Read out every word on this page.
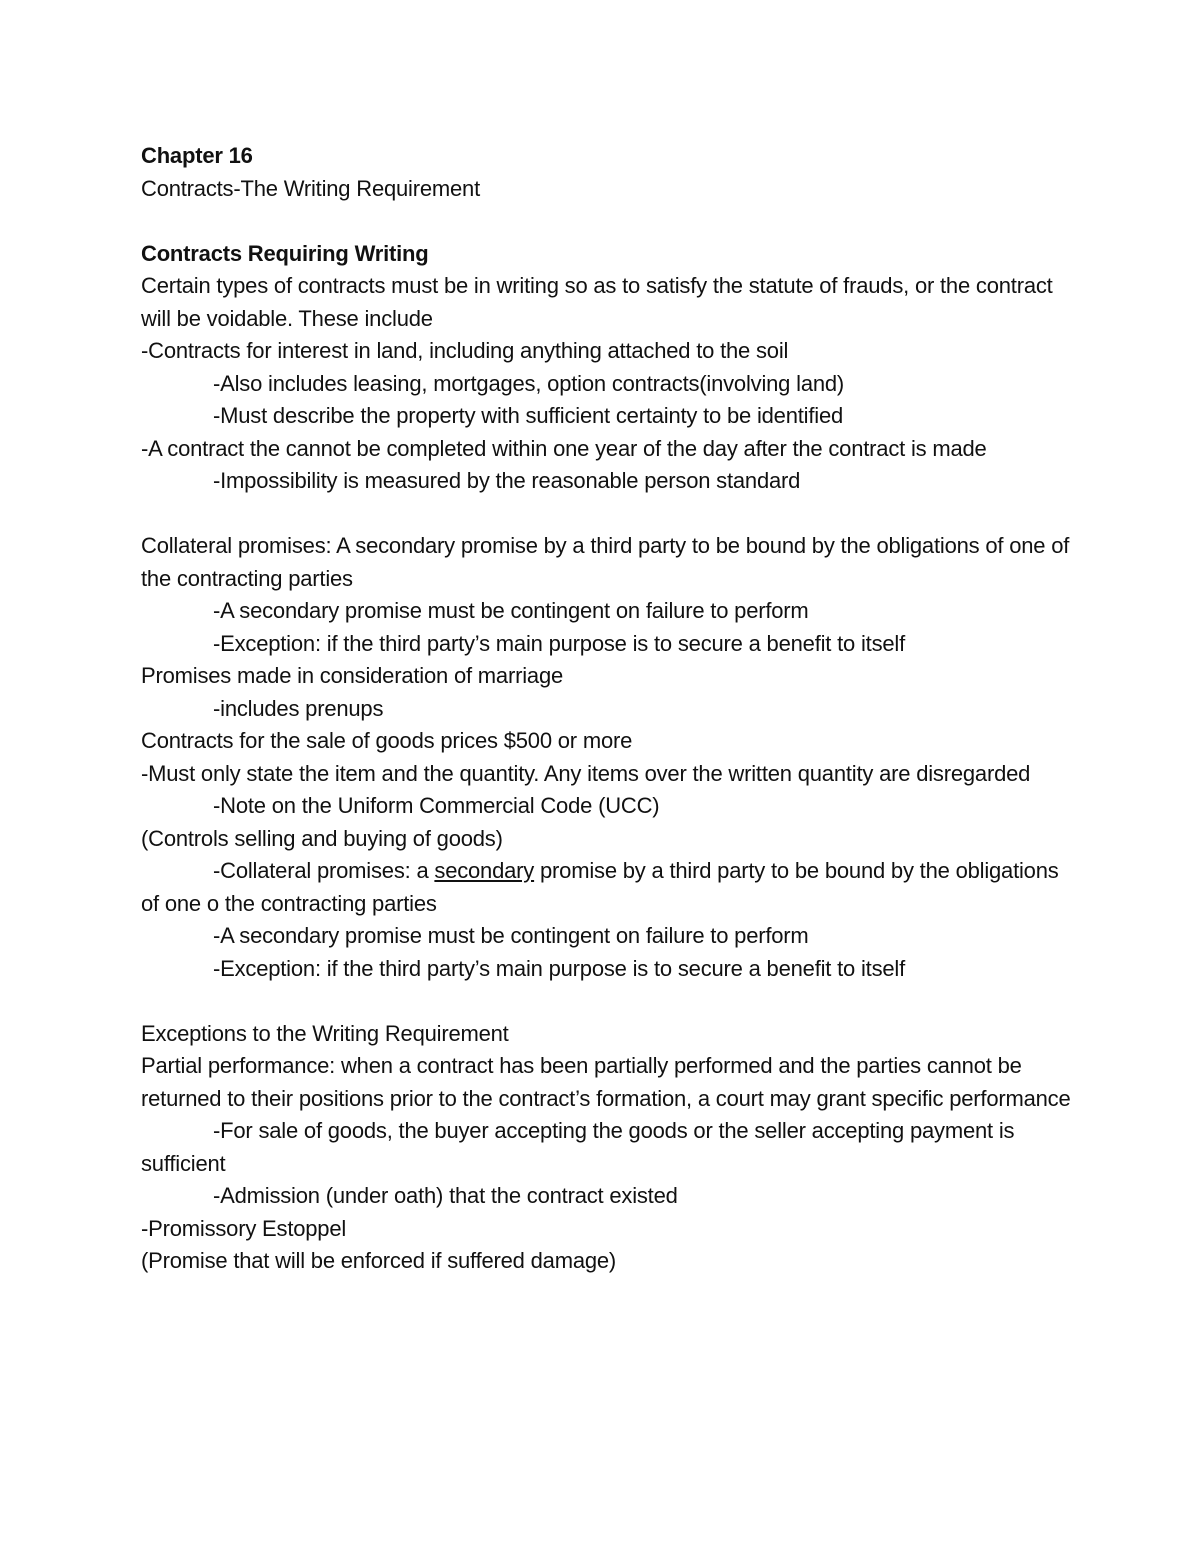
Chapter 16

Contracts-The Writing Requirement

Contracts Requiring Writing

Certain types of contracts must be in writing so as to satisfy the statute of frauds, or the contract will be voidable. These include

-Contracts for interest in land, including anything attached to the soil

-Also includes leasing, mortgages, option contracts(involving land)

-Must describe the property with sufficient certainty to be identified

-A contract the cannot be completed within one year of the day after the contract is made

-Impossibility is measured by the reasonable person standard

Collateral promises: A secondary promise by a third party to be bound by the obligations of one of the contracting parties

-A secondary promise must be contingent on failure to perform

-Exception: if the third party’s main purpose is to secure a benefit to itself

Promises made in consideration of marriage

-includes prenups

Contracts for the sale of goods prices $500 or more

-Must only state the item and the quantity. Any items over the written quantity are disregarded

-Note on the Uniform Commercial Code (UCC)

(Controls selling and buying of goods)

-Collateral promises: a secondary promise by a third party to be bound by the obligations of one o the contracting parties

-A secondary promise must be contingent on failure to perform

-Exception: if the third party’s main purpose is to secure a benefit to itself

Exceptions to the Writing Requirement

Partial performance: when a contract has been partially performed and the parties cannot be returned to their positions prior to the contract’s formation, a court may grant specific performance

-For sale of goods, the buyer accepting the goods or the seller accepting payment is sufficient

-Admission (under oath) that the contract existed

-Promissory Estoppel

(Promise that will be enforced if suffered damage)
